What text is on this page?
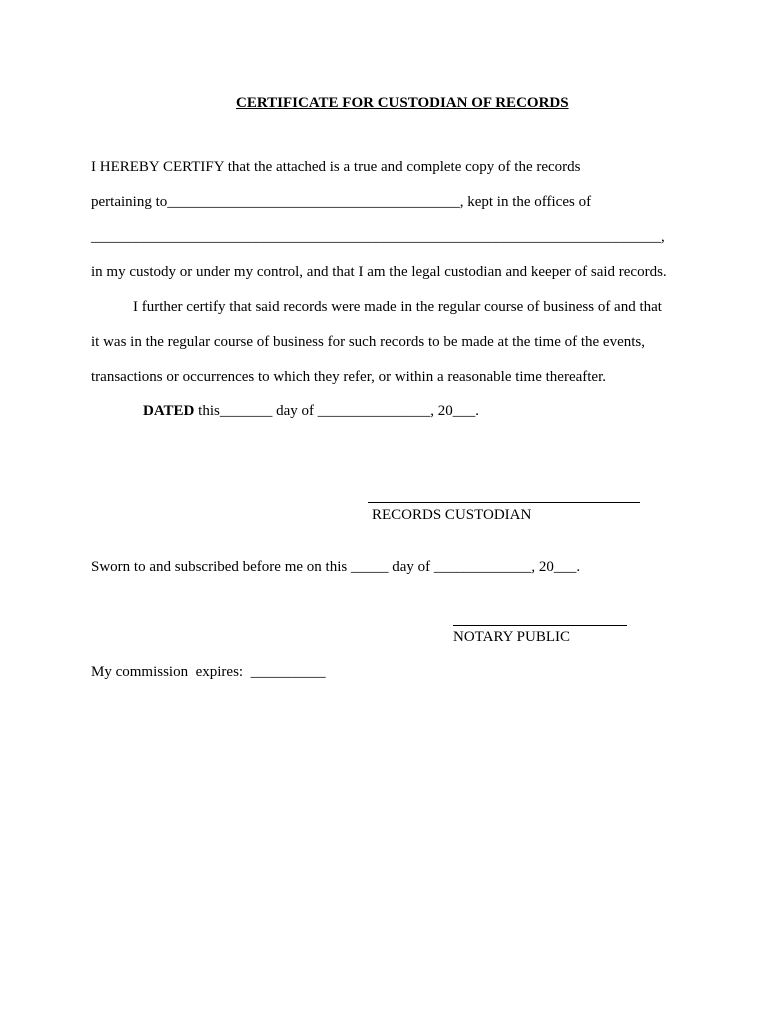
CERTIFICATE FOR CUSTODIAN OF RECORDS
I HEREBY CERTIFY that the attached is a true and complete copy of the records
pertaining to_______________________________________, kept in the offices of
____________________________________________________________________________,
in my custody or under my control, and that I am the legal custodian and keeper of said records.
I further certify that said records were made in the regular course of business of and that
it was in the regular course of business for such records to be made at the time of the events,
transactions or occurrences to which they refer, or within a reasonable time thereafter.
DATED this_______ day of _______________, 20___.
RECORDS CUSTODIAN
Sworn to and subscribed before me on this _____ day of _____________, 20___.
NOTARY PUBLIC
My commission  expires:  __________
